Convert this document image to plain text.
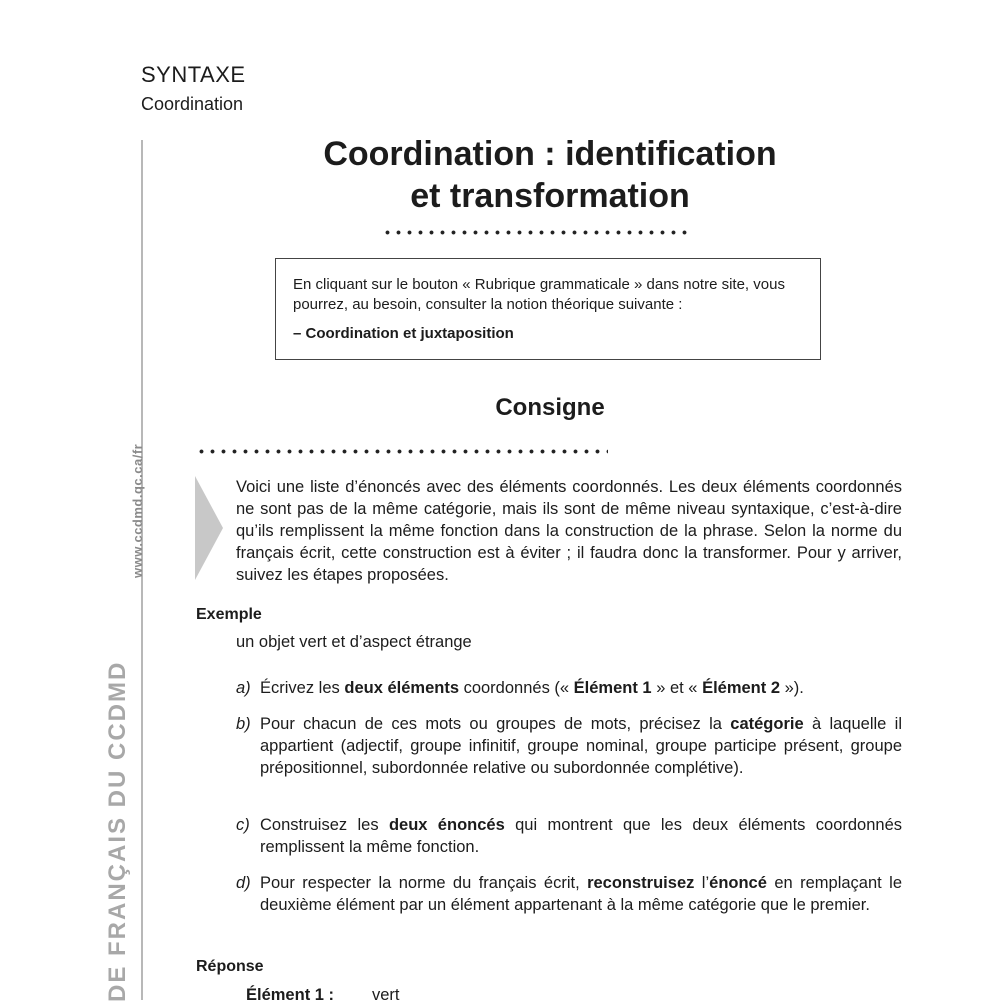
SYNTAXE
Coordination
www.ccdmd.qc.ca/fr
DE FRANÇAIS DU CCDMD
Coordination : identification
et transformation
En cliquant sur le bouton « Rubrique grammaticale » dans notre site, vous pourrez, au besoin, consulter la notion théorique suivante :
– Coordination et juxtaposition
Consigne
Voici une liste d’énoncés avec des éléments coordonnés. Les deux éléments coordonnés ne sont pas de la même catégorie, mais ils sont de même niveau syntaxique, c’est-à-dire qu’ils remplissent la même fonction dans la construction de la phrase. Selon la norme du français écrit, cette construction est à éviter ; il faudra donc la transformer. Pour y arriver, suivez les étapes proposées.
Exemple
un objet vert et d’aspect étrange
a) Écrivez les deux éléments coordonnés (« Élément 1 » et « Élément 2 »).
b) Pour chacun de ces mots ou groupes de mots, précisez la catégorie à laquelle il appartient (adjectif, groupe infinitif, groupe nominal, groupe participe présent, groupe prépositionnel, subordonnée relative ou subordonnée complétive).
c) Construisez les deux énoncés qui montrent que les deux éléments coordonnés remplissent la même fonction.
d) Pour respecter la norme du français écrit, reconstruisez l’énoncé en remplaçant le deuxième élément par un élément appartenant à la même catégorie que le premier.
Réponse
Élément 1 : vert
